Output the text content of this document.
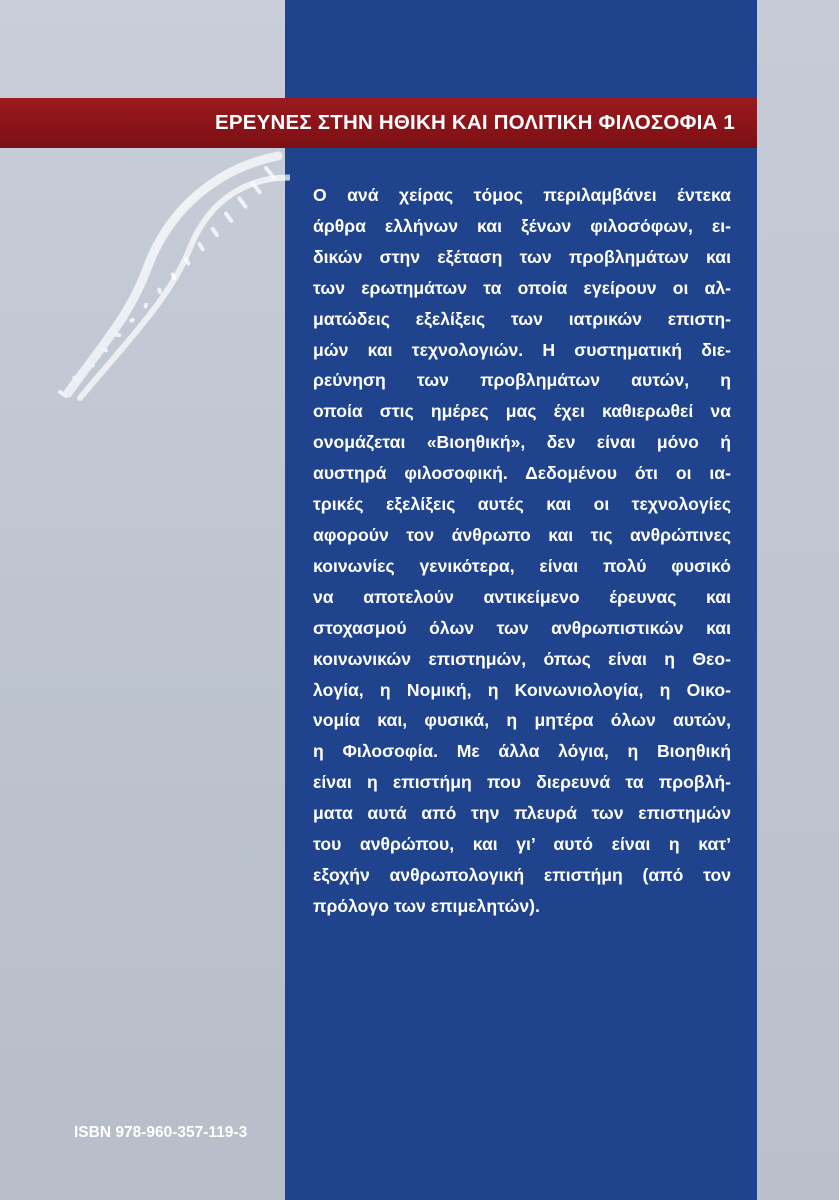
ΕΡΕΥΝΕΣ ΣΤΗΝ ΗΘΙΚΗ ΚΑΙ ΠΟΛΙΤΙΚΗ ΦΙΛΟΣΟΦΙΑ 1
Ο ανά χείρας τόμος περιλαμβάνει έντεκα
άρθρα ελλήνων και ξένων φιλοσόφων, ει-
δικών στην εξέταση των προβλημάτων και
των ερωτημάτων τα οποία εγείρουν οι αλ-
ματώδεις εξελίξεις των ιατρικών επιστη-
μών και τεχνολογιών. Η συστηματική διε-
ρεύνηση των προβλημάτων αυτών, η
οποία στις ημέρες μας έχει καθιερωθεί να
ονομάζεται «Βιοηθική», δεν είναι μόνο ή
αυστηρά φιλοσοφική. Δεδομένου ότι οι ια-
τρικές εξελίξεις αυτές και οι τεχνολογίες
αφορούν τον άνθρωπο και τις ανθρώπινες
κοινωνίες γενικότερα, είναι πολύ φυσικό
να αποτελούν αντικείμενο έρευνας και
στοχασμού όλων των ανθρωπιστικών και
κοινωνικών επιστημών, όπως είναι η Θεο-
λογία, η Νομική, η Κοινωνιολογία, η Οικο-
νομία και, φυσικά, η μητέρα όλων αυτών,
η Φιλοσοφία. Με άλλα λόγια, η Βιοηθική
είναι η επιστήμη που διερευνά τα προβλή-
ματα αυτά από την πλευρά των επιστημών
του ανθρώπου, και γι’ αυτό είναι η κατ’
εξοχήν ανθρωπολογική επιστήμη (από τον
πρόλογο των επιμελητών).
ISBN 978-960-357-119-3
